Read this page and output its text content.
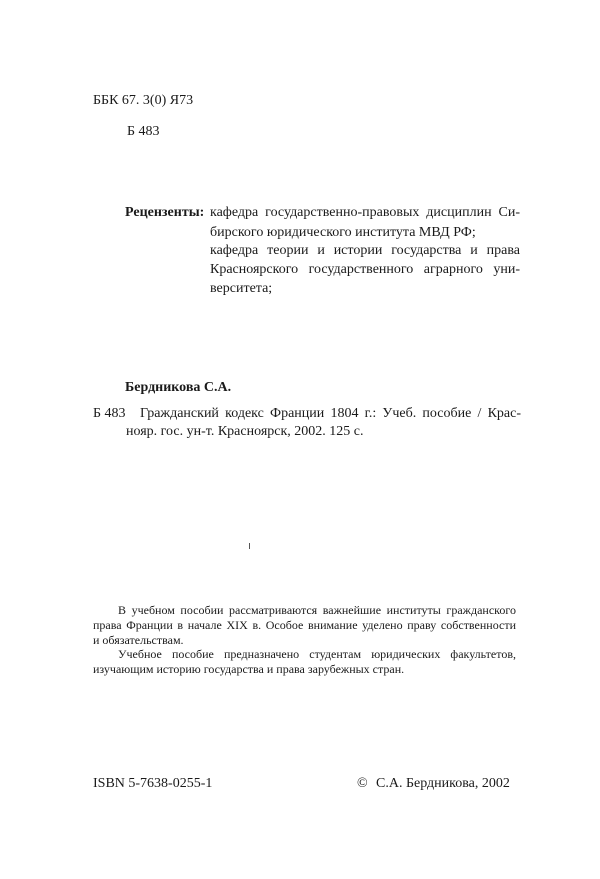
ББК 67. 3(0) Я73
Б 483
Рецензенты: кафедра государственно-правовых дисциплин Си-
бирского юридического института МВД РФ;
кафедра теории и истории государства и права
Красноярского государственного аграрного уни-
верситета;
Бердникова С.А.
Б 483 Гражданский кодекс Франции 1804 г.: Учеб. пособие / Крас-
нояр. гос. ун-т. Красноярск, 2002. 125 с.
В учебном пособии рассматриваются важнейшие институты гражданского
права Франции в начале XIX в. Особое внимание уделено праву собственности
и обязательствам.
Учебное пособие предназначено студентам юридических факультетов,
изучающим историю государства и права зарубежных стран.
ISBN 5-7638-0255-1	© С.А. Бердникова, 2002
